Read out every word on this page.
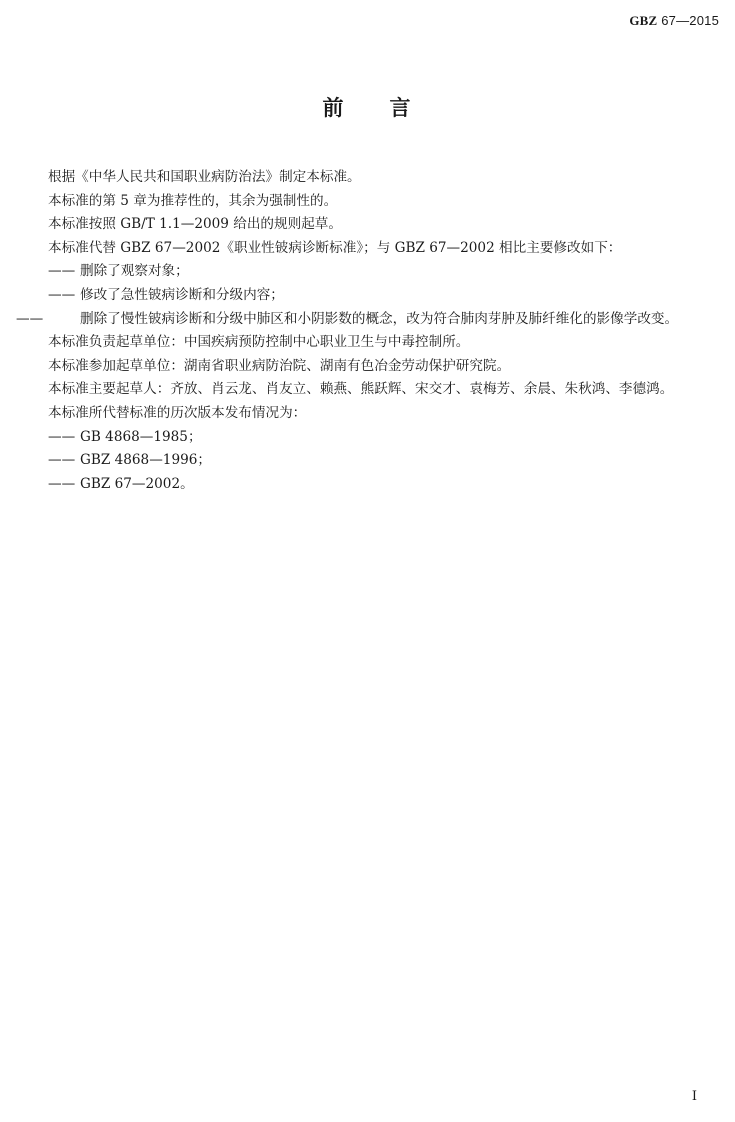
GBZ 67—2015
前 言
根据《中华人民共和国职业病防治法》制定本标准。
本标准的第 5 章为推荐性的，其余为强制性的。
本标准按照 GB/T 1.1—2009 给出的规则起草。
本标准代替 GBZ 67—2002《职业性铍病诊断标准》；与 GBZ 67—2002 相比主要修改如下：
—— 删除了观察对象；
—— 修改了急性铍病诊断和分级内容；
——	删除了慢性铍病诊断和分级中肺区和小阴影数的概念，改为符合肺肉芽肿及肺纤维化的影像学改变。
本标准负责起草单位：中国疾病预防控制中心职业卫生与中毒控制所。
本标准参加起草单位：湖南省职业病防治院、湖南有色冶金劳动保护研究院。
本标准主要起草人：齐放、肖云龙、肖友立、赖燕、熊跃辉、宋交才、袁梅芳、余晨、朱秋鸿、李德鸿。
本标准所代替标准的历次版本发布情况为：
—— GB 4868—1985；
—— GBZ 4868—1996；
—— GBZ 67—2002。
I
